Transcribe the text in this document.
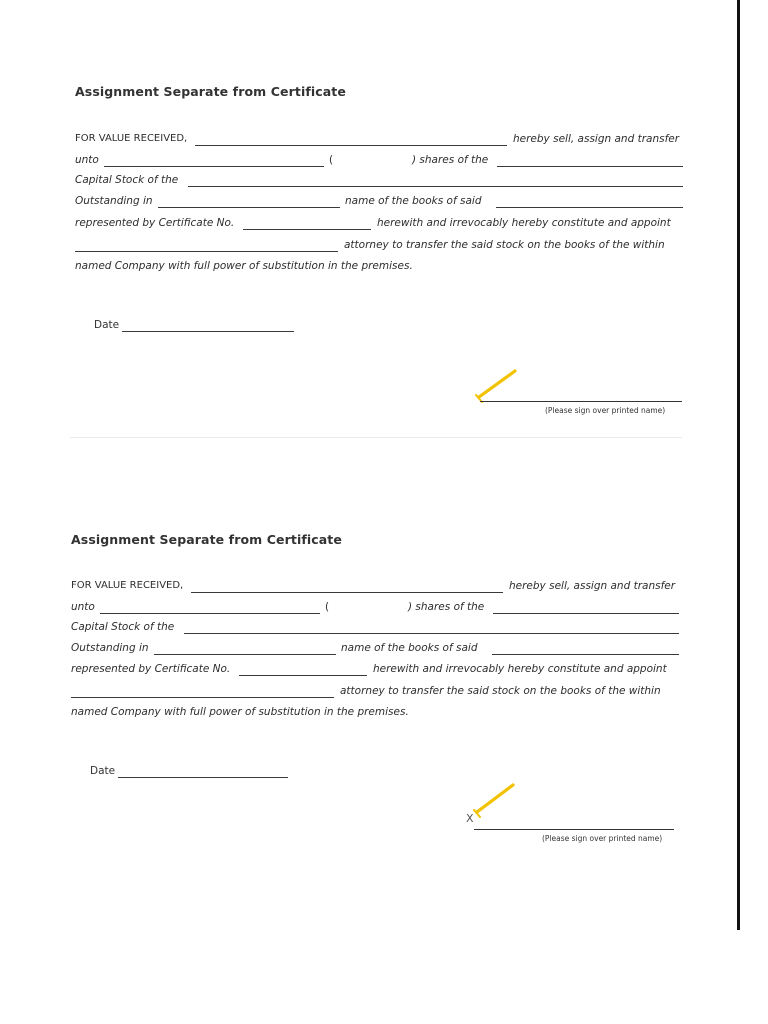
Assignment Separate from Certificate
FOR VALUE RECEIVED,	hereby sell, assign and transfer
unto	(	) shares of the
Capital Stock of the
Outstanding in	name of the books of said
represented by Certificate No.	herewith and irrevocably hereby constitute and appoint
attorney to transfer the said stock on the books of the within
named Company with full power of substitution in the premises.
Date
(Please sign over printed name)
Assignment Separate from Certificate
FOR VALUE RECEIVED,	hereby sell, assign and transfer
unto	(	) shares of the
Capital Stock of the
Outstanding in	name of the books of said
represented by Certificate No.	herewith and irrevocably hereby constitute and appoint
attorney to transfer the said stock on the books of the within
named Company with full power of substitution in the premises.
Date
X
(Please sign over printed name)
